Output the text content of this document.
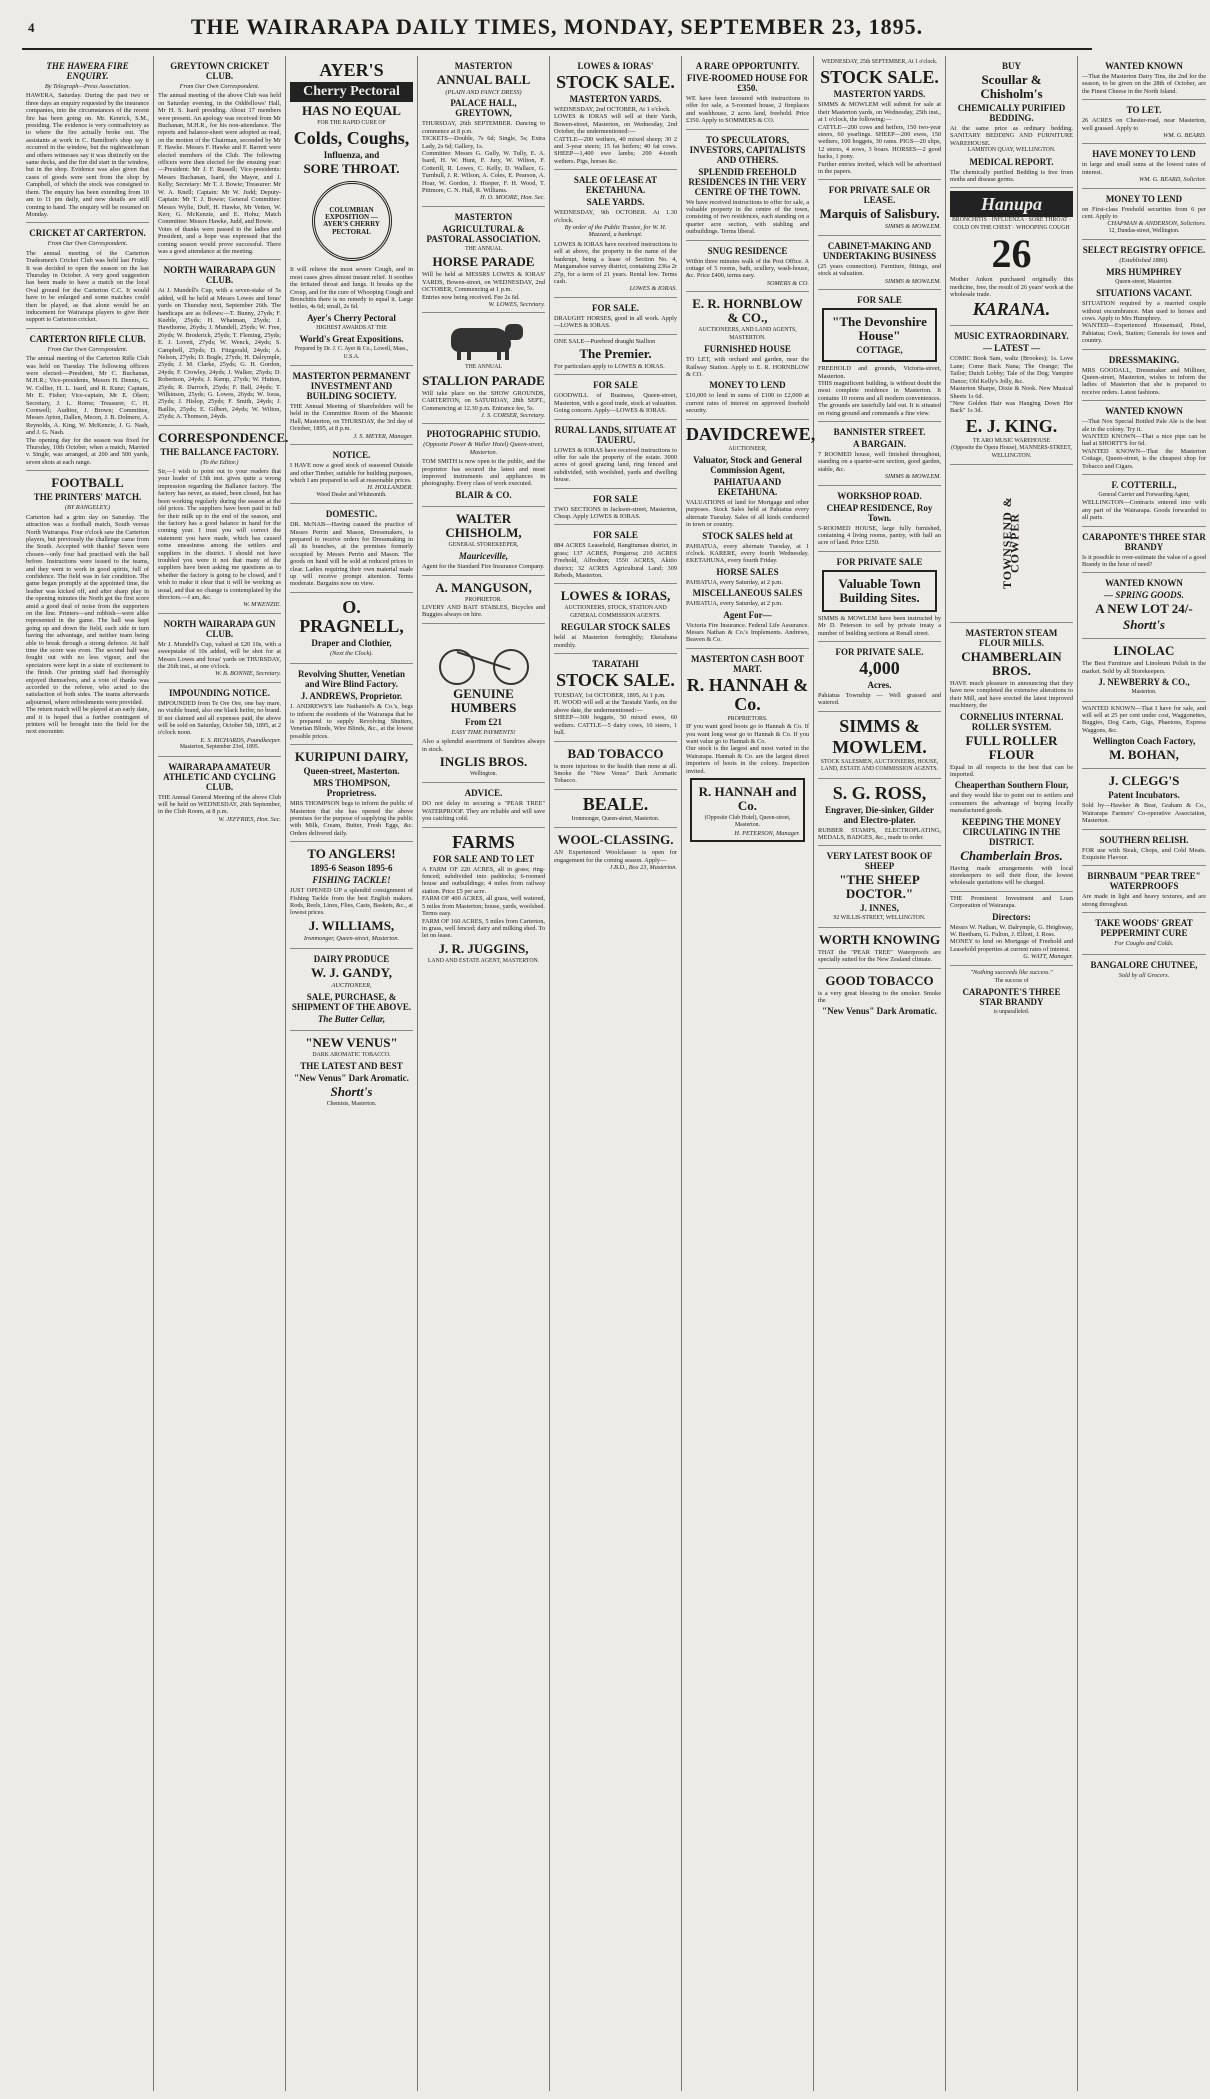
4	THE WAIRARAPA DAILY TIMES, MONDAY, SEPTEMBER 23, 1895.
THE HAWERA FIRE ENQUIRY.
By Telegraph—Press Association.
HAWERA, Saturday. During the past two or three days an enquiry requested by the insurance companies, into the circumstances of the recent fire has been going on. Mr. Kenrick, S.M., presiding. The evidence is very contradictory as to where the fire actually broke out. The assistants at work in C. Hamilton's shop say it occurred in the window, but the nightwatchman and others witnesses say it was distinctly on the same decks, and the fire did start in the window, but in the shop. Evidence was also given that cases of goods were sent from the shop by Campbell, of which the stock was consigned to them. The enquiry has been extending from 10 am to 11 pm daily, and new details are still coming to hand. The enquiry will be resumed on Monday.
CRICKET AT CARTERTON.
From Our Own Correspondent.
The annual meeting of the Carterton Tradesmen's Cricket Club was held last Friday. It was decided to open the season on the last Thursday in October. A very good suggestion has been made to have a match on the local Oval ground for the Carterton C.C. It would have to be enlarged and some matches could then be played, as that alone would be an inducement for Wairarapa players to give their support to Carterton cricket.
CARTERTON RIFLE CLUB.
From Our Own Correspondent.
The annual meeting of the Carterton Rifle Club was held on Tuesday. The following officers were elected:—President, Mr C. Buchanan, M.H.R.; Vice-presidents, Messrs H. Dennis, G. W. Collier, H. L. Isard, and R. Kunz; Captain, Mr E. Fisher; Vice-captain, Mr E. Olsen; Secretary, J. L. Rorne; Treasurer, C. H. Cornwell; Auditor, J. Brown; Committee, Messrs Ayton, Dallen, Mecen, J. B. Dolmere, A. Reynolds, A. King, W. McKenzie, J. G. Nash, and J. G. Nash.
The opening day for the season was fixed for Thursday, 10th October, when a match, Married v. Single, was arranged, at 200 and 500 yards, seven shots at each range.
FOOTBALL
THE PRINTERS' MATCH.
(BY RANGELEY.)
Carterton had a grim day on Saturday. The attraction was a football match, South versus North Wairarapa. Four o'clock saw the Carterton players, but previously the challenge came from the South. Accepted with thanks! Seven were chosen—only four had practised with the ball before. Instructions were issued to the teams, and they went to work in good spirits, full of confidence. The field was in fair condition. The game began promptly at the appointed time, the leather was kicked off, and after sharp play in the opening minutes the North got the first score amid a good deal of noise from the supporters on the line. Printers—and rubbish—were alike represented in the game. The ball was kept going up and down the field, each side in turn having the advantage, and neither team being able to break through a strong defence. At half time the score was even. The second half was fought out with no less vigour, and the spectators were kept in a state of excitement to the finish. Our printing staff had thoroughly enjoyed themselves, and a vote of thanks was accorded to the referee, who acted to the satisfaction of both sides. The teams afterwards adjourned, where refreshments were provided.
The return match will be played at an early date, and it is hoped that a further contingent of printers will be brought into the field for the next encounter.
GREYTOWN CRICKET CLUB.
From Our Own Correspondent.
The annual meeting of the above Club was held on Saturday evening, in the Oddfellows' Hall, Mr H. S. Isard presiding. About 17 members were present. An apology was received from Mr Buchanan, M.H.R., for his non-attendance. The reports and balance-sheet were adopted as read, on the motion of the Chairman, seconded by Mr F. Hawke. Messrs F. Hawke and F. Barrett were elected members of the Club. The following officers were then elected for the ensuing year:—President: Mr J. F. Russell; Vice-presidents: Messrs Buchanan, Isard, the Mayor, and J. Kelly; Secretary: Mr T. J. Bowie; Treasurer: Mr W. A. Knell; Captain: Mr W. Judd; Deputy-Captain: Mr T. J. Bowie; General Committee: Messrs Wylie, Duff, H. Hawke, Mr Vetten, W. Kerr, G. McKenzie, and E. Hohu; Match Committee: Messrs Hawke, Judd, and Bowie.
Votes of thanks were passed to the ladies and President, and a hope was expressed that the coming season would prove successful. There was a good attendance at the meeting.
NORTH WAIRARAPA GUN CLUB.
At J. Mundell's Cup, with a seven-stake of 5s added, will be held at Messrs Lowes and Ioras' yards on Thursday next, September 26th. The handicaps are as follows:—T. Bunny, 27yds; F. Keeble, 25yds; H. Whatman, 25yds; J. Hawthorne, 26yds; J. Mundell, 25yds; W. Free, 26yds; W. Broderick, 25yds; T. Fleming, 25yds; E. J. Lovett, 27yds; W. Wenck, 24yds; S. Campbell, 25yds; D. Fitzgerald, 24yds; A. Nelson, 27yds; D. Bogle, 27yds; H. Dalrymple, 25yds; J. M. Clarke, 25yds; G. H. Gordon, 24yds; F. Crowley, 24yds; J. Walker, 25yds; D. Robertson, 24yds; J. Kemp, 27yds; W. Hutton, 25yds; R. Darroch, 25yds; F. Ball, 24yds; T. Wilkinson, 25yds; G. Lowes, 26yds; W. Ioras, 25yds; J. Hislop, 25yds; F. Smith, 24yds; J. Baillie, 25yds; E. Gilbert, 24yds; W. Wilton, 25yds; A. Thomson, 24yds.
CORRESPONDENCE.
THE BALLANCE FACTORY.
(To the Editor.)
Sir,—I wish to point out to your readers that your leader of 13th inst. gives quite a wrong impression regarding the Ballance factory. The factory has never, as stated, been closed, but has been working regularly during the season at the old prices. The suppliers have been paid in full for their milk up to the end of the season, and the factory has a good balance in hand for the coming year. I trust you will correct the statement you have made, which has caused some uneasiness among the settlers and suppliers in the district. I should not have troubled you were it not that many of the suppliers have been asking me questions as to whether the factory is going to be closed, and I wish to make it clear that it will be working as usual, and that no change is contemplated by the directors.—I am, &c.
W. M'KENZIE.
NORTH WAIRARAPA GUN CLUB.
Mr J. Mundell's Cup, valued at £20 10s, with a sweepstake of 10s added, will be shot for at Messrs Lowes and Ioras' yards on THURSDAY, the 26th inst., at one o'clock.
W. B. BONNIE, Secretary.
IMPOUNDING NOTICE.
IMPOUNDED from Te Ore Ore, one bay mare, no visible brand, also one black heifer, no brand. If not claimed and all expenses paid, the above will be sold on Saturday, October 5th, 1895, at 2 o'clock noon.
E. S. RICHARDS, Poundkeeper.
Masterton, September 23rd, 1895.
WAIRARAPA AMATEUR ATHLETIC AND CYCLING CLUB.
THE Annual General Meeting of the above Club will be held on WEDNESDAY, 26th September, in the Club Room, at 8 p.m.
W. JEFFRIES, Hon. Sec.
AYER'S
Cherry Pectoral
HAS NO EQUAL
FOR THE RAPID CURE OF
Colds, Coughs,
Influenza, and
SORE THROAT.
COLUMBIAN EXPOSITION — AYER'S CHERRY PECTORAL
It will relieve the most severe Cough, and in most cases gives almost instant relief. It soothes the irritated throat and lungs. It breaks up the Croup, and for the cure of Whooping Cough and Bronchitis there is no remedy to equal it. Large bottles, 4s 6d; small, 2s 6d.
Ayer's Cherry Pectoral
HIGHEST AWARDS AT THE
World's Great Expositions.
Prepared by Dr. J. C. Ayer & Co., Lowell, Mass., U.S.A.
MASTERTON PERMANENT INVESTMENT AND BUILDING SOCIETY.
THE Annual Meeting of Shareholders will be held in the Committee Room of the Masonic Hall, Masterton, on THURSDAY, the 3rd day of October, 1895, at 8 p.m.
J. S. MEYER, Manager.
NOTICE.
I HAVE now a good stock of seasoned Outside and other Timber, suitable for building purposes, which I am prepared to sell at reasonable prices.
H. HOLLANDER.
Wood Dealer and Whitesmith.
DOMESTIC.
DR. McNAB—Having caused the practice of Messrs Perrin and Mason, Dressmakers, is prepared to receive orders for Dressmaking in all its branches, at the premises formerly occupied by Messrs Perrin and Mason. The goods on hand will be sold at reduced prices to clear. Ladies requiring their own material made up will receive prompt attention. Terms moderate. Bargains now on view.
O. PRAGNELL,
Draper and Clothier,
(Next the Clock).
Revolving Shutter, Venetian and Wire Blind Factory.
J. ANDREWS, Proprietor.
J. ANDREWS'S late Nathaniel's & Co.'s, begs to inform the residents of the Wairarapa that he is prepared to supply Revolving Shutters, Venetian Blinds, Wire Blinds, &c., at the lowest possible prices.
KURIPUNI DAIRY,
Queen-street, Masterton.
MRS THOMPSON, Proprietress.
MRS THOMPSON begs to inform the public of Masterton that she has opened the above premises for the purpose of supplying the public with Milk, Cream, Butter, Fresh Eggs, &c. Orders delivered daily.
TO ANGLERS!
1895-6 Season 1895-6
FISHING TACKLE!
JUST OPENED UP a splendid consignment of Fishing Tackle from the best English makers. Rods, Reels, Lines, Flies, Casts, Baskets, &c., at lowest prices.
J. WILLIAMS,
Ironmonger, Queen-street, Masterton.
DAIRY PRODUCE
W. J. GANDY,
AUCTIONEER,
SALE, PURCHASE, & SHIPMENT OF THE ABOVE.
The Butter Cellar,
"NEW VENUS"
DARK AROMATIC TOBACCO.
THE LATEST AND BEST
"New Venus" Dark Aromatic.
Shortt's
Chemists, Masterton.
MASTERTON
ANNUAL BALL
(PLAIN AND FANCY DRESS)
PALACE HALL, GREYTOWN,
THURSDAY, 26th SEPTEMBER. Dancing to commence at 8 p.m.
TICKETS—Double, 7s 6d; Single, 5s; Extra Lady, 2s 6d; Gallery, 1s.
Committee: Messrs G. Gully, W. Tully, E. A. Isard, H. W. Hunt, F. Jury, W. Wilton, F. Cotterill, R. Lowes, C. Kelly, D. Wallace, G. Turnbull, J. R. Wilson, A. Coles, E. Pearson, A. Hoar, W. Gordon, J. Hooper, F. H. Wood, T. Pittmore, C. N. Hall, R. Williams.
H. O. MOORE, Hon. Sec.
MASTERTON
AGRICULTURAL & PASTORAL ASSOCIATION.
THE ANNUAL
HORSE PARADE
Will be held at MESSRS LOWES & IORAS' YARDS, Bowen-street, on WEDNESDAY, 2nd OCTOBER, Commencing at 1 p.m.
Entries now being received. Fee 2s 6d.
W. LOWES, Secretary.
THE ANNUAL
STALLION PARADE
Will take place on the SHOW GROUNDS, CARTERTON, on SATURDAY, 28th SEPT., Commencing at 12.30 p.m. Entrance fee, 5s.
J. S. CORSER, Secretary.
PHOTOGRAPHIC STUDIO.
(Opposite Power & Waller Hotel) Queen-street, Masterton.
TOM SMITH is now open to the public, and the proprietor has secured the latest and most improved instruments and appliances in photography. Every class of work executed.
BLAIR & CO.
WALTER CHISHOLM,
GENERAL STOREKEEPER,
Mauriceville,
Agent for the Standard Fire Insurance Company.
A. MANGUSON,
PROPRIETOR.
LIVERY AND BAIT STABLES, Bicycles and Buggies always on hire.
GENUINE HUMBERS
From £21
EASY TIME PAYMENTS!
Also a splendid assortment of Sundries always in stock.
INGLIS BROS.
Wellington.
ADVICE.
DO not delay in securing a "PEAR TREE" WATERPROOF. They are reliable and will save you catching cold.
FARMS
FOR SALE AND TO LET
A FARM OF 220 ACRES, all in grass; ring-fenced; subdivided into paddocks; 6-roomed house and outbuildings; 4 miles from railway station. Price £5 per acre.
FARM OF 400 ACRES, all grass, well watered, 5 miles from Masterton; house, yards, woolshed. Terms easy.
FARM OF 160 ACRES, 5 miles from Carterton, in grass, well fenced; dairy and milking shed. To let on lease.
J. R. JUGGINS,
LAND AND ESTATE AGENT, MASTERTON.
LOWES & IORAS'
STOCK SALE.
MASTERTON YARDS.
WEDNESDAY, 2nd OCTOBER, At 1 o'clock.
LOWES & IORAS will sell at their Yards, Bowen-street, Masterton, on Wednesday, 2nd October, the undermentioned:—
CATTLE—200 wethers, 40 mixed sheep; 30 2 and 3-year steers; 15 fat heifers; 40 fat cows. SHEEP—1,400 ewe lambs; 200 4-tooth wethers. Pigs, horses &c.
SALE OF LEASE AT EKETAHUNA.
SALE YARDS.
WEDNESDAY, 9th OCTOBER. At 1.30 o'clock.
By order of the Public Trustee, for W. H. Mazzard, a bankrupt.
LOWES & IORAS have received instructions to sell at above, the property in the name of the bankrupt, being a lease of Section No. 4, Mangamahoe survey district, containing 236a 2r 27p, for a term of 21 years. Rental low. Terms cash.
LOWES & IORAS.
FOR SALE.
DRAUGHT HORSES, good in all work. Apply—LOWES & IORAS.
ONE SALE—Purebred draught Stallion
The Premier.
For particulars apply to LOWES & IORAS.
FOR SALE
GOODWILL of Business, Queen-street, Masterton, with a good trade, stock at valuation. Going concern. Apply—LOWES & IORAS.
RURAL LANDS, SITUATE AT TAUERU.
LOWES & IORAS have received instructions to offer for sale the property of the estate. 3000 acres of good grazing land, ring fenced and subdivided, with woolshed, yards and dwelling house.
FOR SALE
TWO SECTIONS in Jackson-street, Masterton, Cheap. Apply LOWES & IORAS.
FOR SALE
884 ACRES Leasehold, Rangitumau district, in grass; 137 ACRES, Pongaroa; 210 ACRES Freehold, Alfredton; 1550 ACRES, Akitio district; 32 ACRES Agricultural Land; 309 Rebeds, Masterton.
LOWES & IORAS,
AUCTIONEERS, STOCK, STATION AND GENERAL COMMISSION AGENTS.
REGULAR STOCK SALES
held at Masterton fortnightly; Eketahuna monthly.
TARATAHI
STOCK SALE.
TUESDAY, 1st OCTOBER, 1895, At 1 p.m.
H. WOOD will sell at the Taratahi Yards, on the above date, the undermentioned:—
SHEEP—300 hoggets, 50 mixed ewes, 60 wethers. CATTLE—5 dairy cows, 10 steers, 1 bull.
BAD TOBACCO
is more injurious to the health than none at all. Smoke the "New Venus" Dark Aromatic Tobacco.
BEALE.
Ironmonger, Queen-street, Masterton.
WOOL-CLASSING.
AN Experienced Woolclasser is open for engagement for the coming season. Apply—
J.B.D., Box 23, Masterton.
A RARE OPPORTUNITY.
FIVE-ROOMED HOUSE FOR £350.
WE have been favoured with instructions to offer for sale, a 5-roomed house, 2 fireplaces and washhouse, 2 acres land, freehold. Price £350. Apply to SOMMERS & CO.
TO SPECULATORS, INVESTORS, CAPITALISTS AND OTHERS.
SPLENDID FREEHOLD RESIDENCES IN THE VERY CENTRE OF THE TOWN.
We have received instructions to offer for sale, a valuable property in the centre of the town, consisting of two residences, each standing on a quarter acre section, with stabling and outbuildings. Terms liberal.
SNUG RESIDENCE
Within three minutes walk of the Post Office. A cottage of 5 rooms, bath, scullery, wash-house, &c. Price £400, terms easy.
SOMERS & CO.
E. R. HORNBLOW & CO.,
AUCTIONEERS, AND LAND AGENTS, MASTERTON.
FURNISHED HOUSE
TO LET, with orchard and garden, near the Railway Station. Apply to E. R. HORNBLOW & CO.
MONEY TO LEND
£10,000 to lend in sums of £100 to £2,000 at current rates of interest on approved freehold security.
DAVIDCREWE,
AUCTIONEER,
Valuator, Stock and General Commission Agent,
PAHIATUA AND EKETAHUNA.
VALUATIONS of land for Mortgage and other purposes. Stock Sales held at Pahiatua every alternate Tuesday. Sales of all kinds conducted in town or country.
STOCK SALES held at
PAHIATUA, every alternate Tuesday, at 1 o'clock. KARERE, every fourth Wednesday. EKETAHUNA, every fourth Friday.
HORSE SALES
PAHIATUA, every Saturday, at 2 p.m.
MISCELLANEOUS SALES
PAHIATUA, every Saturday, at 2 p.m.
Agent For—
Victoria Fire Insurance. Federal Life Assurance. Messrs Nathan & Co.'s Implements. Andrews, Beaven & Co.
MASTERTON CASH BOOT MART.
R. HANNAH & Co.
PROPRIETORS.
IF you want good boots go to Hannah & Co. If you want long wear go to Hannah & Co. If you want value go to Hannah & Co.
Our stock is the largest and most varied in the Wairarapa. Hannah & Co. are the largest direct importers of boots in the colony. Inspection invited.
R. HANNAH and Co.
(Opposite Club Hotel), Queen-street, Masterton.
H. PETERSON, Manager.
WEDNESDAY, 25th SEPTEMBER, At 1 o'clock.
STOCK SALE.
MASTERTON YARDS.
SIMMS & MOWLEM will submit for sale at their Masterton yards, on Wednesday, 25th inst., at 1 o'clock, the following:—
CATTLE—200 cows and heifers, 150 two-year steers, 60 yearlings. SHEEP—200 ewes, 150 wethers, 100 hoggets, 30 rams. PIGS—20 slips, 12 stores, 4 sows, 3 boars. HORSES—2 good hacks, 1 pony.
Further entries invited, which will be advertised in the papers.
FOR PRIVATE SALE OR LEASE.
Marquis of Salisbury.
SIMMS & MOWLEM.
CABINET-MAKING AND UNDERTAKING BUSINESS
(25 years connection). Furniture, fittings, and stock at valuation.
SIMMS & MOWLEM.
FOR SALE
"The Devonshire House"
COTTAGE,
FREEHOLD and grounds, Victoria-street, Masterton.
THIS magnificent building, is without doubt the most complete residence in Masterton. It contains 10 rooms and all modern conveniences. The grounds are tastefully laid out. It is situated on rising ground and commands a fine view.
BANNISTER STREET.
A BARGAIN.
7 ROOMED house, well finished throughout, standing on a quarter-acre section, good garden, stable, &c.
SIMMS & MOWLEM.
WORKSHOP ROAD.
CHEAP RESIDENCE, Roy Town.
5-ROOMED HOUSE, large fully furnished, containing 4 living rooms, pantry, with half an acre of land. Price £250.
FOR PRIVATE SALE
Valuable Town Building Sites.
SIMMS & MOWLEM have been instructed by Mr D. Peterson to sell by private treaty a number of building sections at Renall street.
FOR PRIVATE SALE.
4,000
Acres.
Pahiatua Township — Well grassed and watered.
SIMMS &
MOWLEM.
STOCK SALESMEN, AUCTIONEERS, HOUSE, LAND, ESTATE AND COMMISSION AGENTS.
S. G. ROSS,
Engraver, Die-sinker, Gilder and Electro-plater.
RUBBER STAMPS, ELECTROPLATING, MEDALS, BADGES, &c., made to order.
VERY LATEST BOOK OF SHEEP
"THE SHEEP DOCTOR."
J. INNES,
92 WILLIS-STREET, WELLINGTON.
WORTH KNOWING
THAT the "PEAR TREE" Waterproofs are specially suited for the New Zealand climate.
GOOD TOBACCO
is a very great blessing to the smoker. Smoke the
"New Venus" Dark Aromatic.
BUY
Scoullar & Chisholm's
CHEMICALLY PURIFIED BEDDING.
At the same price as ordinary bedding. SANITARY BEDDING AND FURNITURE WAREHOUSE.
LAMBTON QUAY, WELLINGTON.
MEDICAL REPORT.
The chemically purified Bedding is free from moths and disease germs.
Hanupa
BRONCHITIS · INFLUENZA · SORE THROAT · COLD ON THE CHEST · WHOOPING COUGH
26
Mother Ankon purchased originally this medicine, free, the result of 26 years' work at the wholesale trade.
KARANA.
MUSIC EXTRAORDINARY.
— LATEST —
COMIC Book Sam, waltz (Brookes); 1s. Love Lane; Come Back Nana; The Orange; The Tailor; Dutch Lobby; Tale of the Dog; Vampire Dance; Old Kelly's Jolly, &c.
Masterton Sharpe, Dixie & Nook. New Musical Sheets 1s 6d.
"New Golden Hair was Hanging Down Her Back" 1s 3d.
E. J. KING.
TE ARO MUSIC WAREHOUSE
(Opposite the Opera House), MANNERS-STREET, WELLINGTON.
TOWNSEND & COWPER
MASTERTON STEAM FLOUR MILLS.
CHAMBERLAIN BROS.
HAVE much pleasure in announcing that they have now completed the extensive alterations to their Mill, and have erected the latest improved machinery, the
CORNELIUS INTERNAL ROLLER SYSTEM.
FULL ROLLER FLOUR
Equal in all respects to the best that can be imported.
Cheaperthan Southern Flour,
and they would like to point out to settlers and consumers the advantage of buying locally manufactured goods.
KEEPING THE MONEY CIRCULATING IN THE DISTRICT.
Chamberlain Bros.
Having made arrangements with local storekeepers to sell their flour, the lowest wholesale quotations will be charged.
THE Prominent Investment and Loan Corporation of Wairarapa.
Directors:
Messrs W. Nathan, W. Dalrymple, G. Heighway, W. Beetham, G. Fulton, J. Elliott, J. Ross.
MONEY to lend on Mortgage of Freehold and Leasehold properties at current rates of interest.
G. WATT, Manager.
"Nothing succeeds like success."
The success of
CARAPONTE'S THREE STAR BRANDY
is unparalleled.
WANTED KNOWN
—That the Masterton Dairy Tins, the 2nd for the season, to be given on the 28th of October, are the Finest Cheese in the North Island.
TO LET.
26 ACRES on Chester-road, near Masterton, well grassed. Apply to
WM. G. BEARD.
HAVE MONEY TO LEND
in large and small sums at the lowest rates of interest.
WM. G. BEARD, Solicitor.
MONEY TO LEND
on First-class Freehold securities from 6 per cent. Apply to
CHAPMAN & ANDERSON, Solicitors.
12, Dundas-street, Wellington.
SELECT REGISTRY OFFICE.
(Established 1880).
MRS HUMPHREY
Queen-street, Masterton.
SITUATIONS VACANT.
SITUATION required by a married couple without encumbrance. Man used to horses and cows. Apply to Mrs Humphrey.
WANTED—Experienced Housemaid, Hotel, Pahiatua; Cook, Station; Generals for town and country.
DRESSMAKING.
MRS GOODALL, Dressmaker and Milliner, Queen-street, Masterton, wishes to inform the ladies of Masterton that she is prepared to receive orders. Latest fashions.
WANTED KNOWN
—That Nox Special Bottled Pale Ale is the best ale in the colony. Try it.
WANTED KNOWN—That a nice pipe can be had at SHORTT'S for 6d.
WANTED KNOWN—That the Masterton Cottage, Queen-street, is the cheapest shop for Tobacco and Cigars.
F. COTTERILL,
General Carrier and Forwarding Agent,
WELLINGTON—Contracts entered into with any part of the Wairarapa. Goods forwarded to all parts.
CARAPONTE'S THREE STAR BRANDY
Is it possible to over-estimate the value of a good Brandy in the hour of need?
WANTED KNOWN
— SPRING GOODS.
A NEW LOT 24/-
Shortt's
LINOLAC
The Best Furniture and Linoleum Polish in the market. Sold by all Storekeepers.
J. NEWBERRY & CO.,
Masterton.
WANTED KNOWN—That I have for sale, and will sell at 25 per cent under cost, Waggonettes, Buggies, Dog Carts, Gigs, Phaetons, Express Waggons, &c.
Wellington Coach Factory,
M. BOHAN,
J. CLEGG'S
Patent Incubators.
Sold by—Hawker & Bear, Graham & Co., Wairarapa Farmers' Co-operative Association, Masterton.
SOUTHERN RELISH.
FOR use with Steak, Chops, and Cold Meats. Exquisite Flavour.
BIRNBAUM "PEAR TREE" WATERPROOFS
Are made in light and heavy textures, and are strong throughout.
TAKE WOODS' GREAT PEPPERMINT CURE
For Coughs and Colds.
BANGALORE CHUTNEE,
Sold by all Grocers.
